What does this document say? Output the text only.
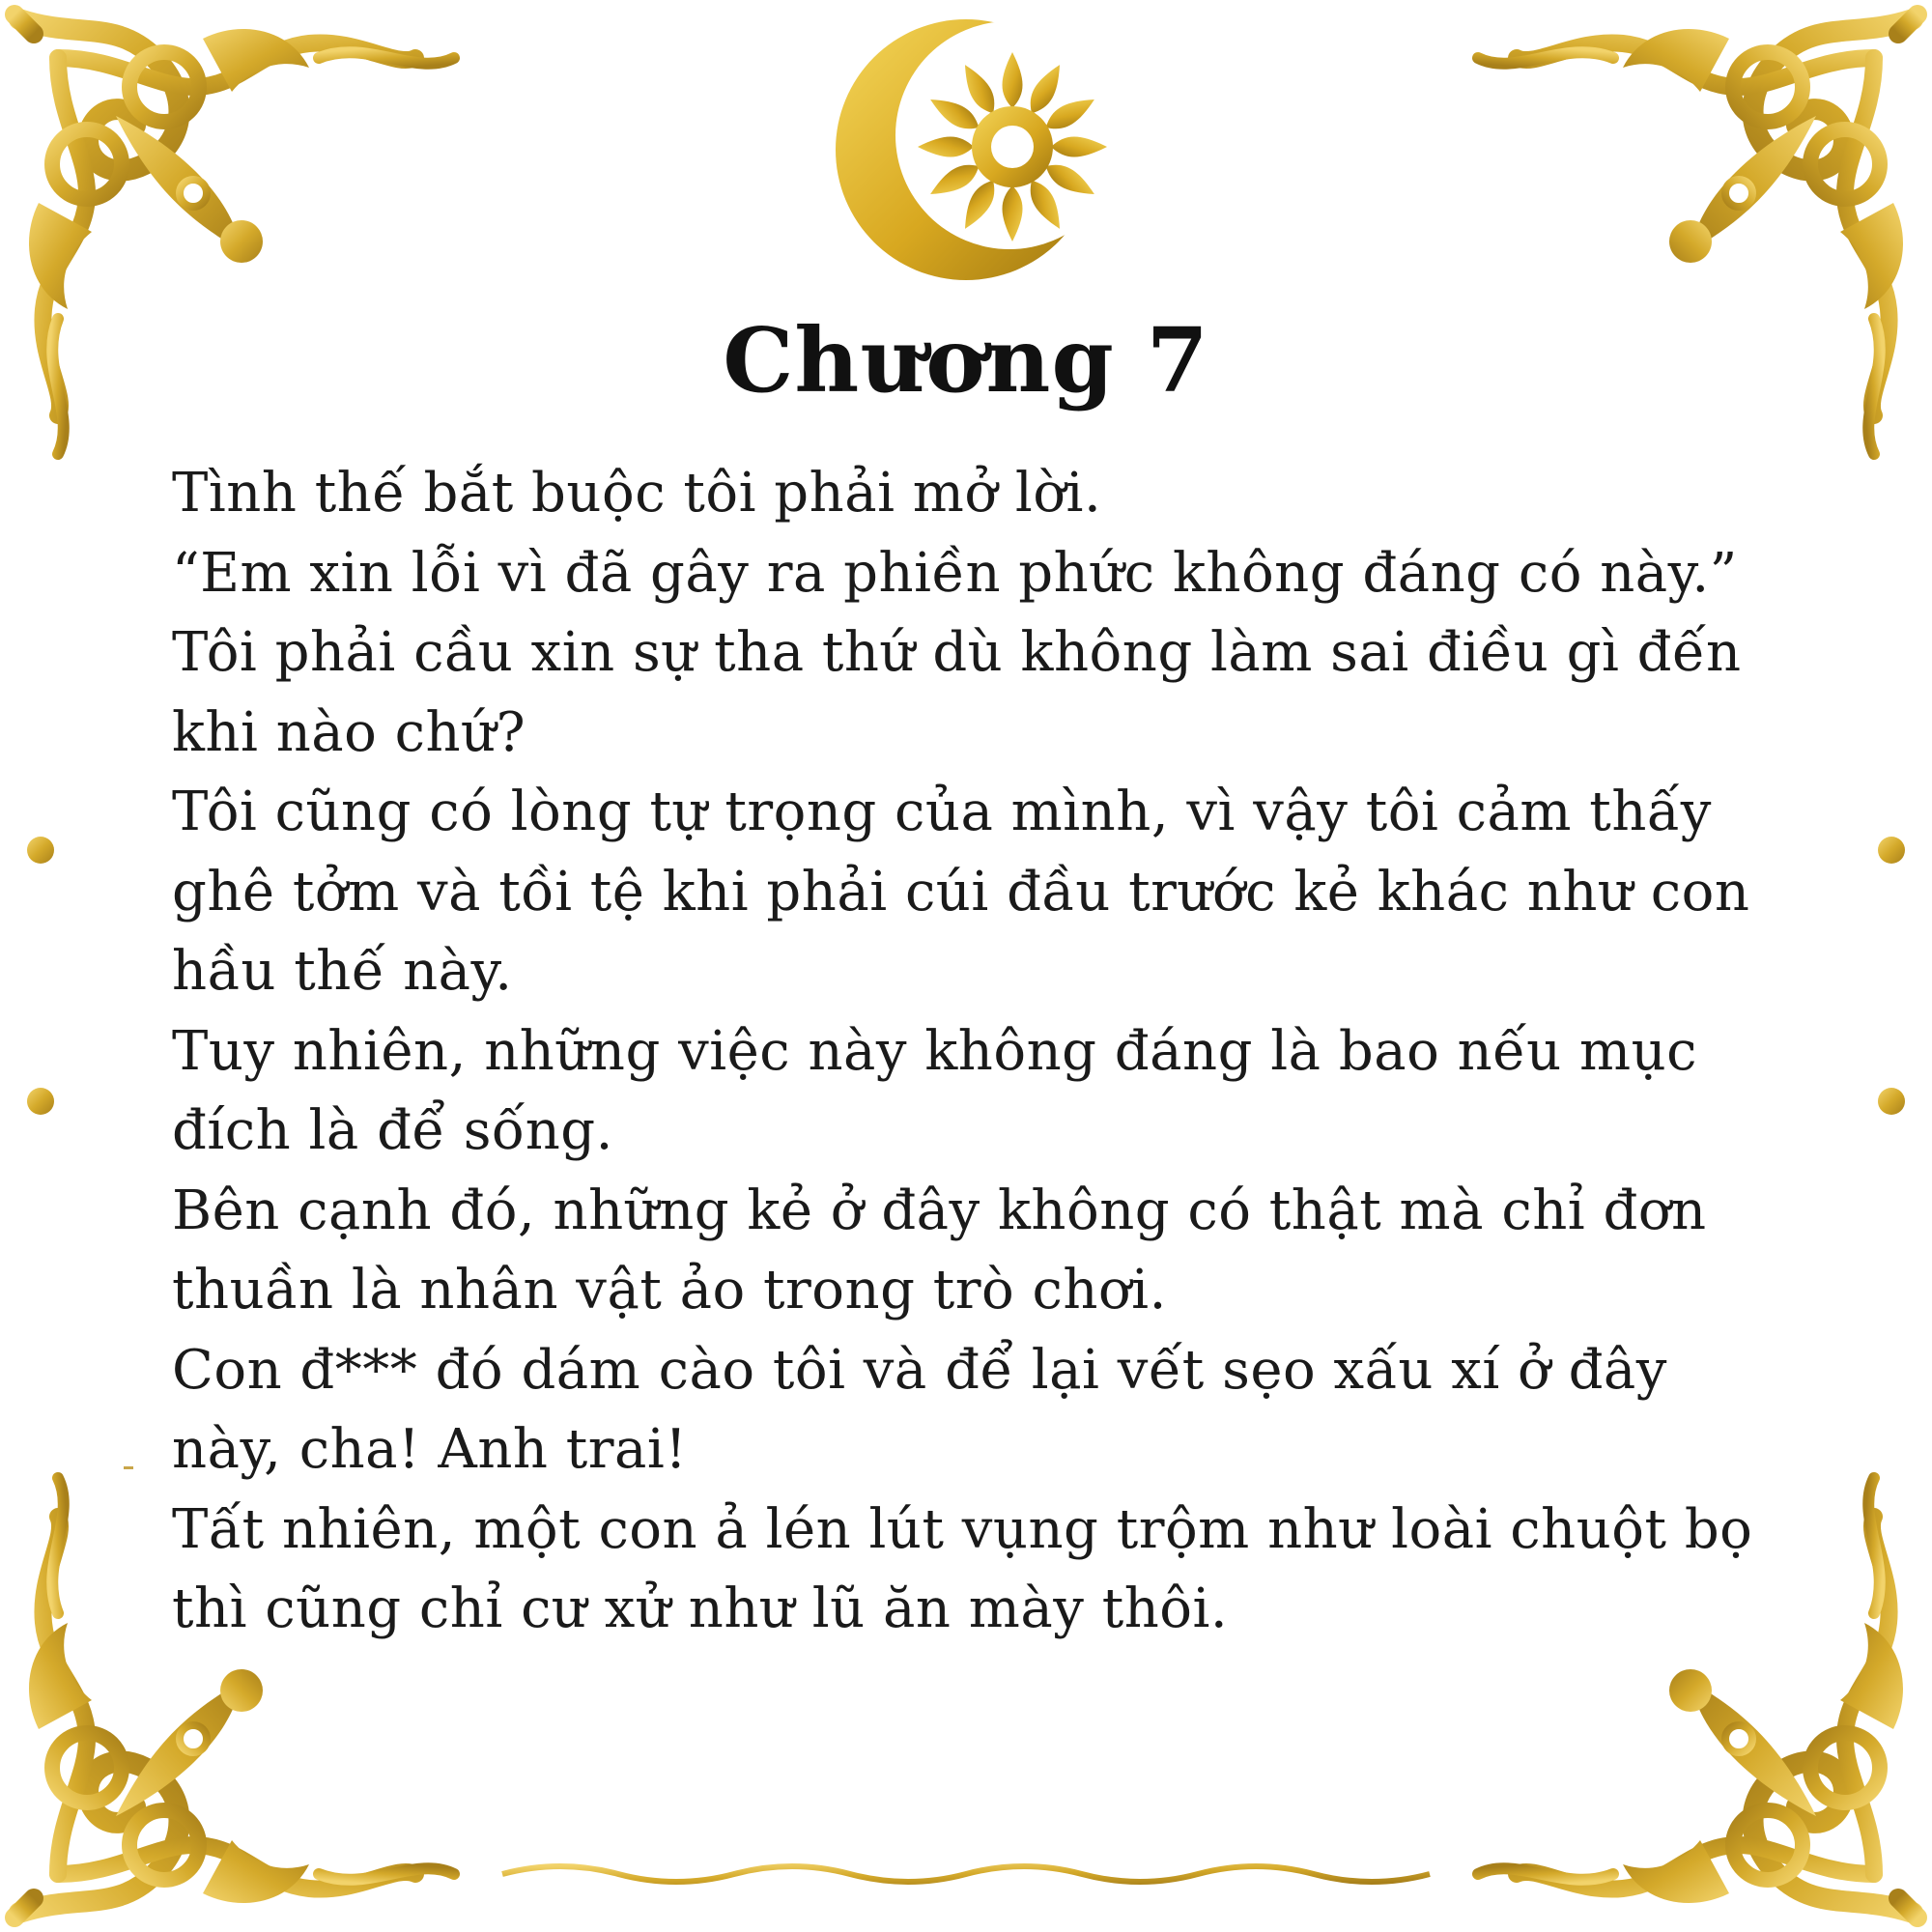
Chương 7

Tình thế bắt buộc tôi phải mở lời.

“Em xin lỗi vì đã gây ra phiền phức không đáng có này.”

Tôi phải cầu xin sự tha thứ dù không làm sai điều gì đến khi nào chứ?

Tôi cũng có lòng tự trọng của mình, vì vậy tôi cảm thấy ghê tởm và tồi tệ khi phải cúi đầu trước kẻ khác như con hầu thế này.

Tuy nhiên, những việc này không đáng là bao nếu mục đích là để sống.

Bên cạnh đó, những kẻ ở đây không có thật mà chỉ đơn thuần là nhân vật ảo trong trò chơi.

Con đ*** đó dám cào tôi và để lại vết sẹo xấu xí ở đây này, cha! Anh trai!

Tất nhiên, một con ả lén lút vụng trộm như loài chuột bọ thì cũng chỉ cư xử như lũ ăn mày thôi.
